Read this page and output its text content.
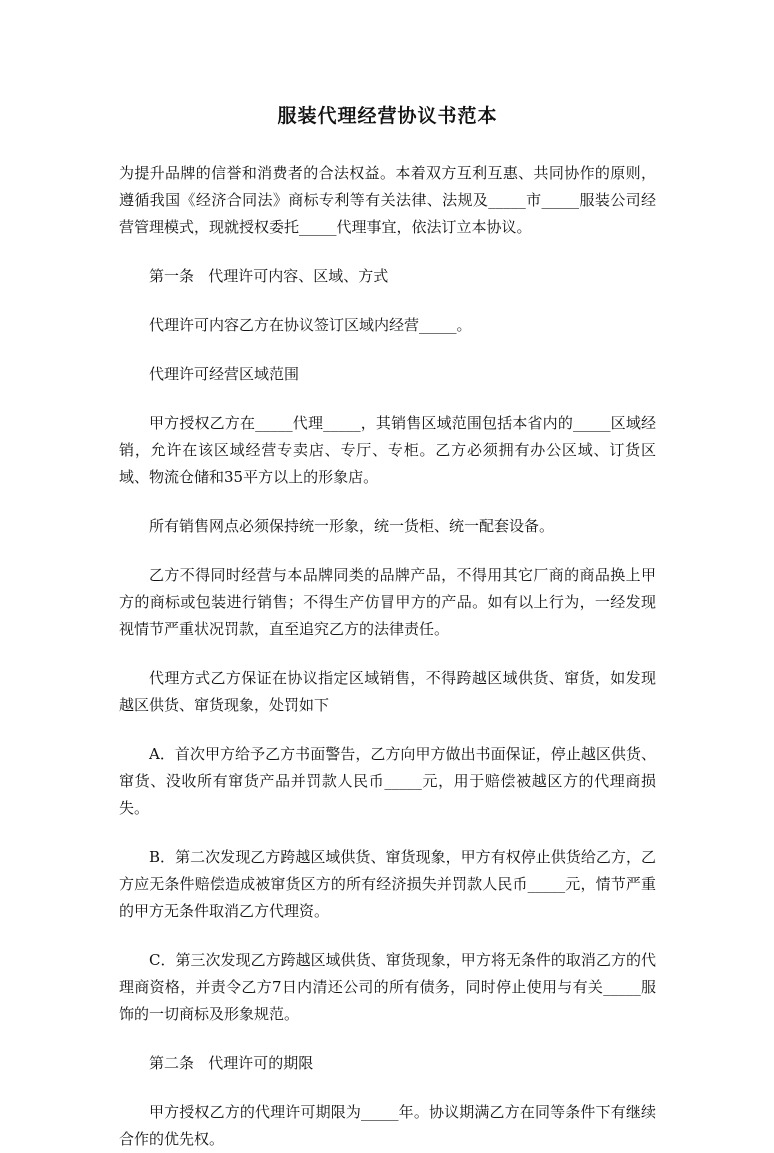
服装代理经营协议书范本

为提升品牌的信誉和消费者的合法权益。本着双方互利互惠、共同协作的原则，遵循我国《经济合同法》商标专利等有关法律、法规及_____市_____服装公司经营管理模式，现就授权委托_____代理事宜，依法订立本协议。

第一条   代理许可内容、区域、方式

代理许可内容乙方在协议签订区域内经营_____。

代理许可经营区域范围

甲方授权乙方在_____代理_____，其销售区域范围包括本省内的_____区域经销，允许在该区域经营专卖店、专厅、专柜。乙方必须拥有办公区域、订货区域、物流仓储和35平方以上的形象店。

所有销售网点必须保持统一形象，统一货柜、统一配套设备。

乙方不得同时经营与本品牌同类的品牌产品，不得用其它厂商的商品换上甲方的商标或包装进行销售；不得生产仿冒甲方的产品。如有以上行为，一经发现视情节严重状况罚款，直至追究乙方的法律责任。

代理方式乙方保证在协议指定区域销售，不得跨越区域供货、窜货，如发现越区供货、窜货现象，处罚如下

A．首次甲方给予乙方书面警告，乙方向甲方做出书面保证，停止越区供货、窜货、没收所有窜货产品并罚款人民币_____元，用于赔偿被越区方的代理商损失。

B．第二次发现乙方跨越区域供货、窜货现象，甲方有权停止供货给乙方，乙方应无条件赔偿造成被窜货区方的所有经济损失并罚款人民币_____元，情节严重的甲方无条件取消乙方代理资。

C．第三次发现乙方跨越区域供货、窜货现象，甲方将无条件的取消乙方的代理商资格，并责令乙方7日内清还公司的所有债务，同时停止使用与有关_____服饰的一切商标及形象规范。

第二条   代理许可的期限

甲方授权乙方的代理许可期限为_____年。协议期满乙方在同等条件下有继续合作的优先权。
